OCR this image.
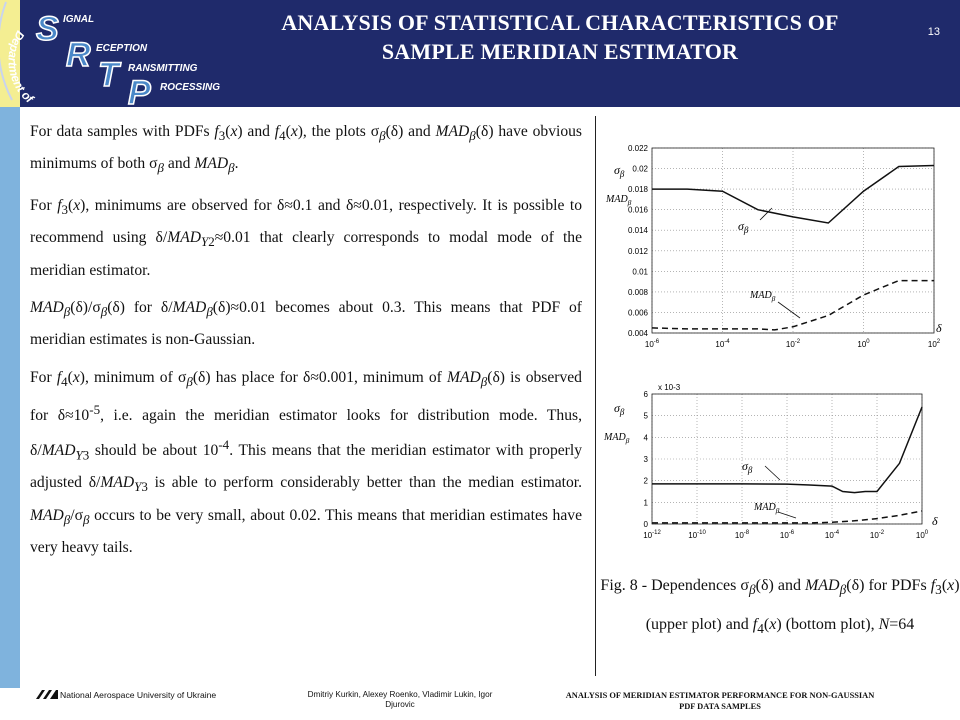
Department of
S
R
T P
IGNAL
ECEPTION
RANSMITTING
ROCESSING
ANALYSIS OF STATISTICAL CHARACTERISTICS OF SAMPLE MERIDIAN ESTIMATOR
13

For data samples with PDFs $f_3(x)$ and $f_4(x)$, the plots $\sigma_\beta(\delta)$ and $MAD_\beta(\delta)$ have obvious minimums of both $\sigma_\beta$ and $MAD_\beta$.

For $f_3(x)$, minimums are observed for δ≈0.1 and δ≈0.01, respectively. It is possible to recommend using $\delta/MAD_{Y2}\approx 0.01$ that clearly corresponds to modal mode of the meridian estimator.

$MAD_\beta(\delta)/\sigma_\beta(\delta)$ for $\delta/MAD_\beta(\delta)\approx 0.01$ becomes about 0.3. This means that PDF of meridian estimates is non-Gaussian.

For $f_4(x)$, minimum of $\sigma_\beta(\delta)$ has place for δ≈0.001, minimum of $MAD_\beta(\delta)$ is observed for $\delta\approx 10^{-5}$, i.e. again the meridian estimator looks for distribution mode. Thus, $\delta/MAD_{Y3}$ should be about $10^{-4}$. This means that the meridian estimator with properly adjusted $\delta/MAD_{Y3}$ is able to perform considerably better than the median estimator. $MAD_\beta/\sigma_\beta$ occurs to be very small, about 0.02. This means that meridian estimates have very heavy tails.

0.004
0.006
0.008
0.01
0.012
0.014
0.016
0.018
0.02
0.022
$10^{-6}$	$10^{-4}$	$10^{-2}$	$10^0$	$10^2$
$\sigma_\beta$
$MAD_\beta$
δ
$\sigma_\beta$
$MAD_\beta$
0
1
2
3
4
5
6
$10^{-12}$	$10^{-10}$	$10^{-8}$	$10^{-6}$	$10^{-4}$	$10^{-2}$	$10^0$
$\sigma_\beta$
$MAD_\beta$
δ
$\sigma_\beta$
$MAD_\beta$
x 10-3
Fig. 8 - Dependences $\sigma_\beta(\delta)$ and $MAD_\beta(\delta)$ for PDFs $f_3(x)$ (upper plot) and $f_4(x)$ (bottom plot), N=64
National Aerospace University of Ukraine	Dmitriy Kurkin, Alexey Roenko, Vladimir Lukin, Igor Djurovic
ANALYSIS OF MERIDIAN ESTIMATOR PERFORMANCE FOR NON-GAUSSIAN PDF DATA SAMPLES
